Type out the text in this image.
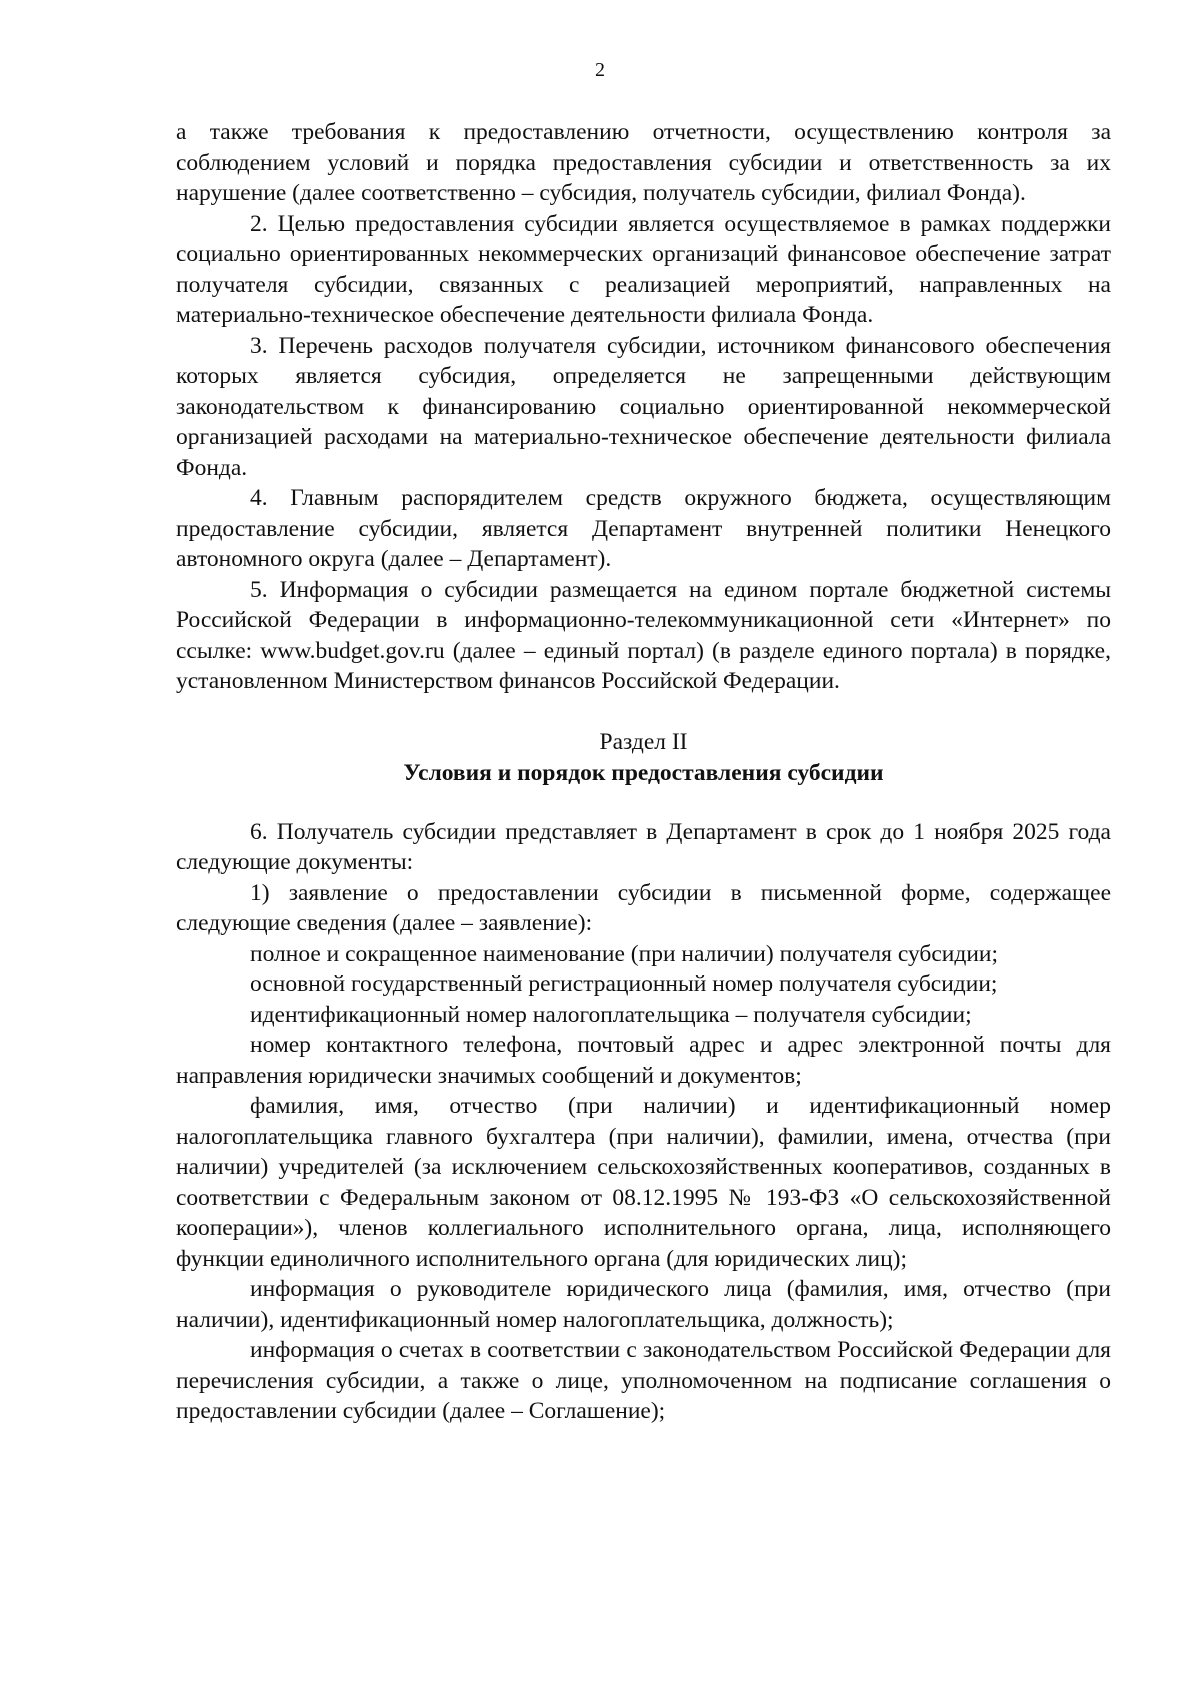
2

а также требования к предоставлению отчетности, осуществлению контроля за соблюдением условий и порядка предоставления субсидии и ответственность за их нарушение (далее соответственно – субсидия, получатель субсидии, филиал Фонда).

2. Целью предоставления субсидии является осуществляемое в рамках поддержки социально ориентированных некоммерческих организаций финансовое обеспечение затрат получателя субсидии, связанных с реализацией мероприятий, направленных на материально-техническое обеспечение деятельности филиала Фонда.

3. Перечень расходов получателя субсидии, источником финансового обеспечения которых является субсидия, определяется не запрещенными действующим законодательством к финансированию социально ориентированной некоммерческой организацией расходами на материально-техническое обеспечение деятельности филиала Фонда.

4. Главным распорядителем средств окружного бюджета, осуществляющим предоставление субсидии, является Департамент внутренней политики Ненецкого автономного округа (далее – Департамент).

5. Информация о субсидии размещается на едином портале бюджетной системы Российской Федерации в информационно-телекоммуникационной сети «Интернет» по ссылке: www.budget.gov.ru (далее – единый портал) (в разделе единого портала) в порядке, установленном Министерством финансов Российской Федерации.

Раздел II
Условия и порядок предоставления субсидии

6. Получатель субсидии представляет в Департамент в срок до 1 ноября 2025 года следующие документы:

1) заявление о предоставлении субсидии в письменной форме, содержащее следующие сведения (далее – заявление):

полное и сокращенное наименование (при наличии) получателя субсидии;

основной государственный регистрационный номер получателя субсидии;

идентификационный номер налогоплательщика – получателя субсидии;

номер контактного телефона, почтовый адрес и адрес электронной почты для направления юридически значимых сообщений и документов;

фамилия, имя, отчество (при наличии) и идентификационный номер налогоплательщика главного бухгалтера (при наличии), фамилии, имена, отчества (при наличии) учредителей (за исключением сельскохозяйственных кооперативов, созданных в соответствии с Федеральным законом от 08.12.1995 № 193-ФЗ «О сельскохозяйственной кооперации»), членов коллегиального исполнительного органа, лица, исполняющего функции единоличного исполнительного органа (для юридических лиц);

информация о руководителе юридического лица (фамилия, имя, отчество (при наличии), идентификационный номер налогоплательщика, должность);

информация о счетах в соответствии с законодательством Российской Федерации для перечисления субсидии, а также о лице, уполномоченном на подписание соглашения о предоставлении субсидии (далее – Соглашение);
